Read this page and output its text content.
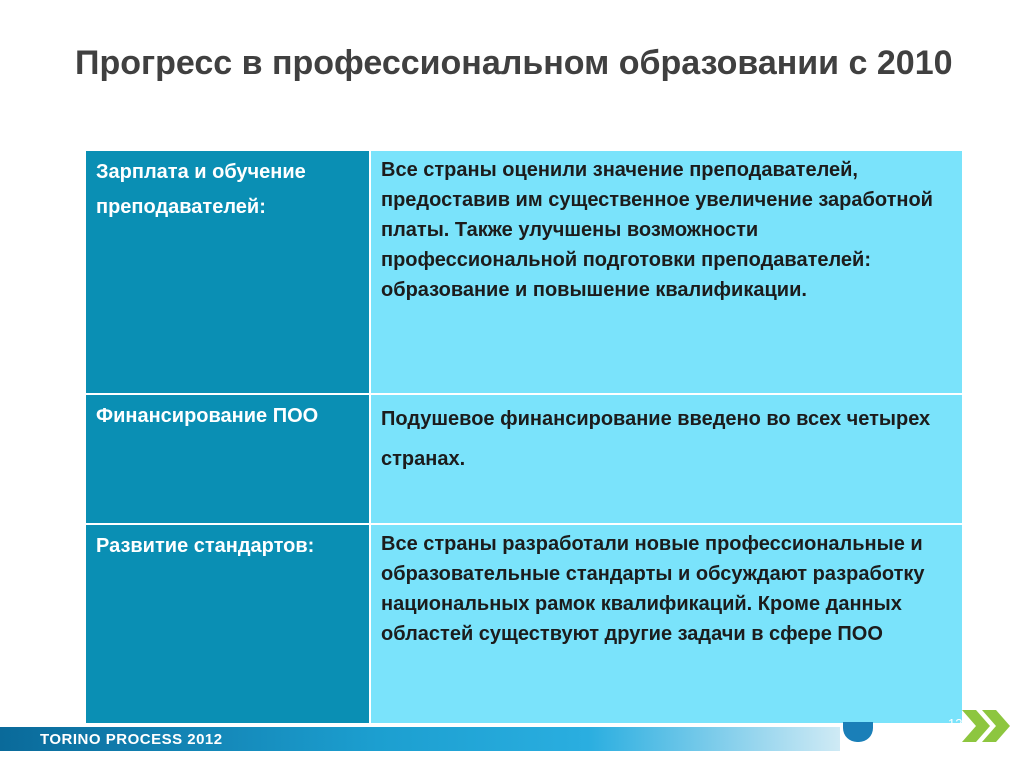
Прогресс в профессиональном образовании с 2010
Зарплата и обучение преподавателей:	Все страны оценили значение преподавателей, предоставив им существенное увеличение заработной платы. Также улучшены возможности профессиональной подготовки преподавателей: образование и повышение квалификации.

Финансирование ПОО	Подушевое финансирование введено во всех четырех странах.

Развитие стандартов:	Все страны разработали новые профессиональные и образовательные стандарты и обсуждают разработку национальных рамок квалификаций. Кроме данных областей существуют другие задачи в сфере ПОО
TORINO PROCESS 2012
12
